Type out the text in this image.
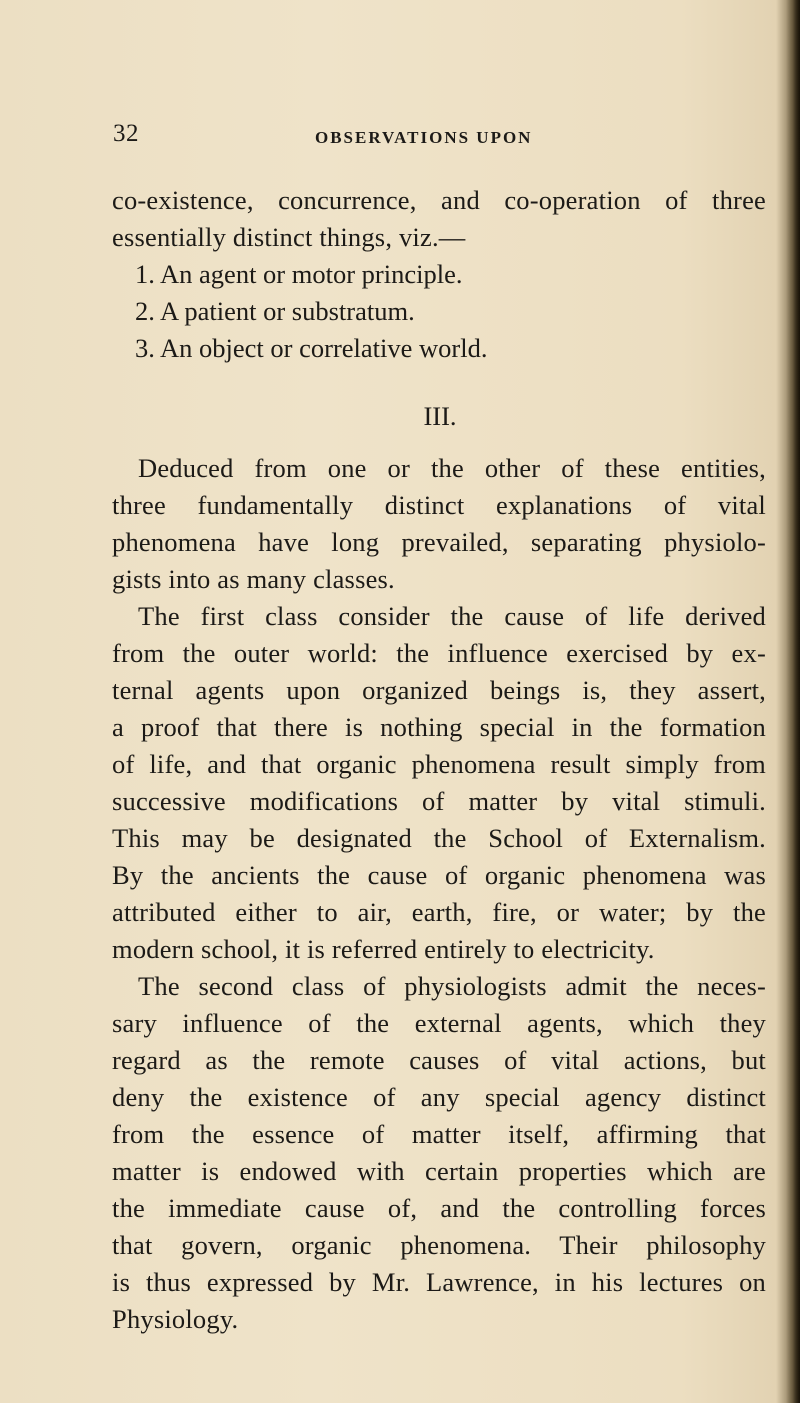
32	OBSERVATIONS UPON
co-existence, concurrence, and co-operation of three
essentially distinct things, viz.—
1. An agent or motor principle.
2. A patient or substratum.
3. An object or correlative world.
III.
Deduced from one or the other of these entities,
three fundamentally distinct explanations of vital
phenomena have long prevailed, separating physiolo-
gists into as many classes.
The first class consider the cause of life derived
from the outer world: the influence exercised by ex-
ternal agents upon organized beings is, they assert,
a proof that there is nothing special in the formation
of life, and that organic phenomena result simply from
successive modifications of matter by vital stimuli.
This may be designated the School of Externalism.
By the ancients the cause of organic phenomena was
attributed either to air, earth, fire, or water; by the
modern school, it is referred entirely to electricity.
The second class of physiologists admit the neces-
sary influence of the external agents, which they
regard as the remote causes of vital actions, but
deny the existence of any special agency distinct
from the essence of matter itself, affirming that
matter is endowed with certain properties which are
the immediate cause of, and the controlling forces
that govern, organic phenomena. Their philosophy
is thus expressed by Mr. Lawrence, in his lectures on
Physiology.
